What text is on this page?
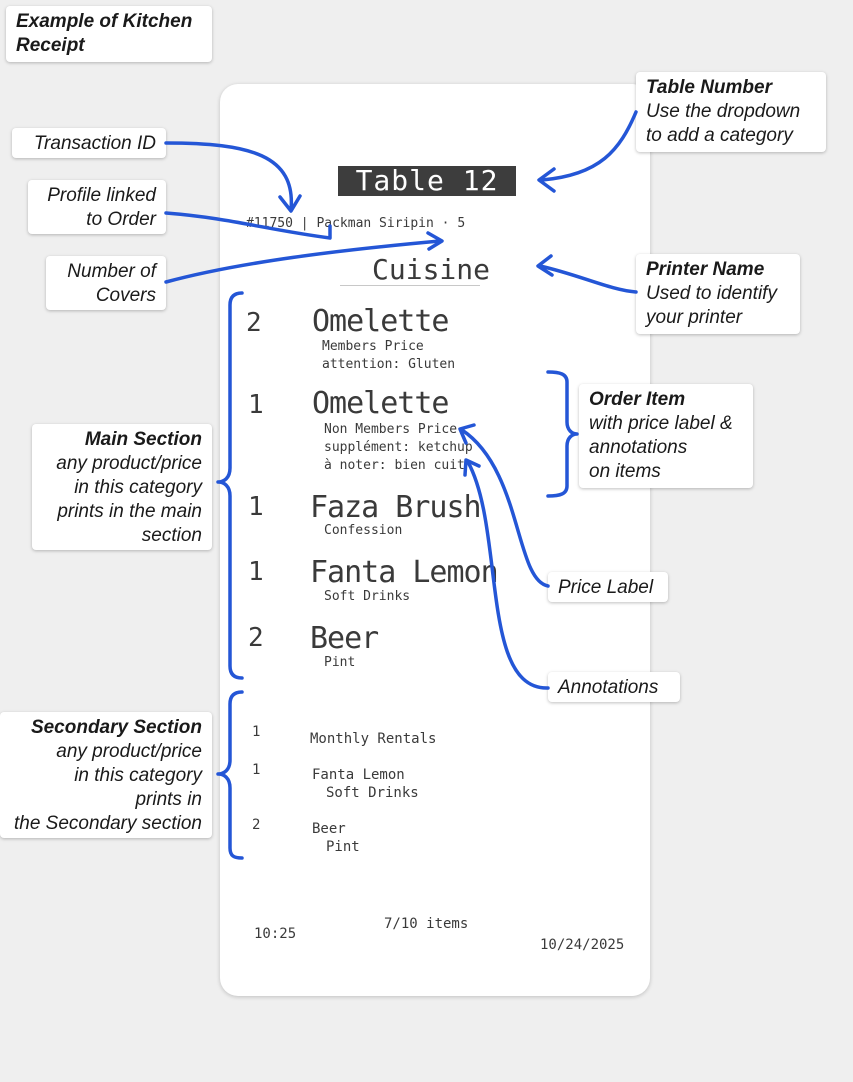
Example of Kitchen Receipt
Table 12
#11750 | Packman Siripin · 5
Cuisine
2 Omelette
Members Price
attention: Gluten
1 Omelette
Non Members Price
supplément: ketchup
à noter: bien cuit
1 Faza Brush
Confession
1 Fanta Lemon
Soft Drinks
2 Beer
Pint
1	Monthly Rentals
1	Fanta Lemon
Soft Drinks
2	Beer
Pint
10:25
7/10 items
10/24/2025
Transaction ID
Profile linked
to Order
Number of
Covers
Table Number
Use the dropdown
to add a category
Printer Name
Used to identify
your printer
Order Item
with price label &
annotations
on items
Main Section
any product/price
in this category
prints in the main
section
Secondary Section
any product/price
in this category
prints in
the Secondary section
Price Label
Annotations
